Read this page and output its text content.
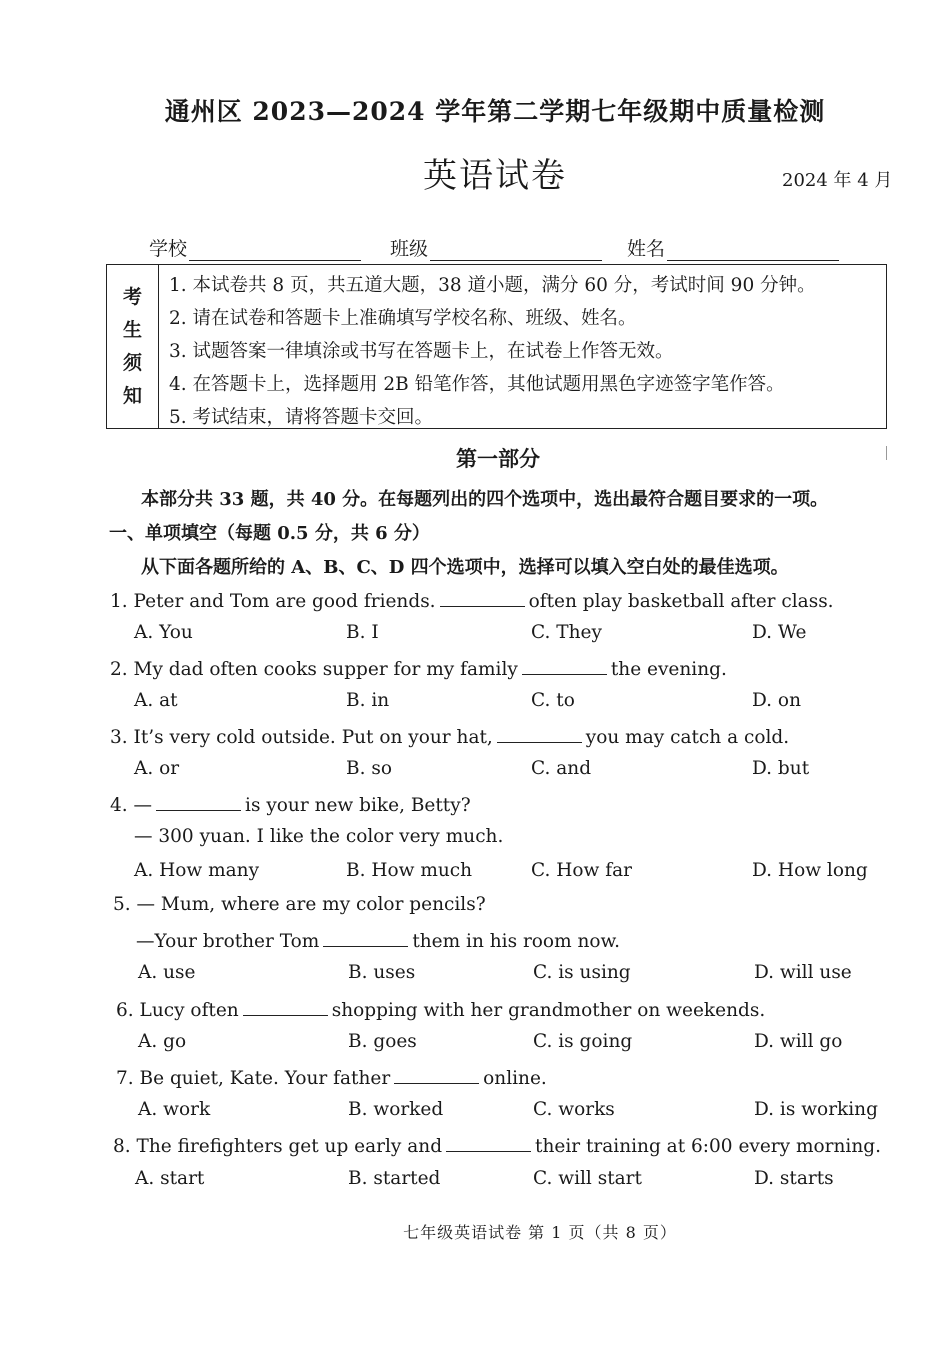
通州区 2023—2024 学年第二学期七年级期中质量检测
英语试卷	2024 年 4 月
学校	班级	姓名
考
生
须
知
1. 本试卷共 8 页，共五道大题，38 道小题，满分 60 分，考试时间 90 分钟。
2. 请在试卷和答题卡上准确填写学校名称、班级、姓名。
3. 试题答案一律填涂或书写在答题卡上，在试卷上作答无效。
4. 在答题卡上，选择题用 2B 铅笔作答，其他试题用黑色字迹签字笔作答。
5. 考试结束，请将答题卡交回。
第一部分
本部分共 33 题，共 40 分。在每题列出的四个选项中，选出最符合题目要求的一项。
一、单项填空（每题 0.5 分，共 6 分）
从下面各题所给的 A、B、C、D 四个选项中，选择可以填入空白处的最佳选项。
1. Peter and Tom are good friends.	often play basketball after class.
A. You	B. I	C. They	D. We
2. My dad often cooks supper for my family	the evening.
A. at	B. in	C. to	D. on
3. It’s very cold outside. Put on your hat,	you may catch a cold.
A. or	B. so	C. and	D. but
4. —	is your new bike, Betty?
— 300 yuan. I like the color very much.
A. How many	B. How much	C. How far	D. How long
5. — Mum, where are my color pencils?
—Your brother Tom	them in his room now.
A. use	B. uses	C. is using	D. will use
6. Lucy often	shopping with her grandmother on weekends.
A. go	B. goes	C. is going	D. will go
7. Be quiet, Kate. Your father	online.
A. work	B. worked	C. works	D. is working
8. The firefighters get up early and	their training at 6:00 every morning.
A. start	B. started	C. will start	D. starts
七年级英语试卷 第 1 页（共 8 页）
